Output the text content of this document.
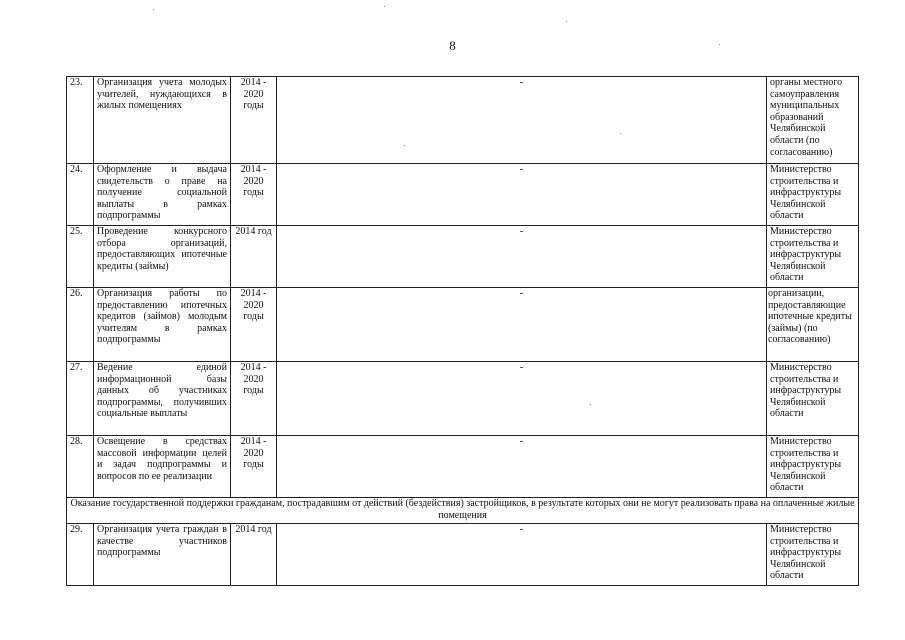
8
23.	Организация учета молодых учителей, нуждающихся в жилых помещениях	2014 - 2020 годы	-	органы местного самоуправления муниципальных образований Челябинской области (по согласованию)
24.	Оформление и выдача свидетельств о праве на получение социальной выплаты в рамках подпрограммы	2014 - 2020 годы	-	Министерство строительства и инфраструктуры Челябинской области
25.	Проведение конкурсного отбора организаций, предоставляющих ипотечные кредиты (займы)	2014 год	-	Министерство строительства и инфраструктуры Челябинской области
26.	Организация работы по предоставлению ипотечных кредитов (займов) молодым учителям в рамках подпрограммы	2014 - 2020 годы	-	организации, предоставляющие ипотечные кредиты (займы) (по согласованию)
27.	Ведение единой информационной базы данных об участниках подпрограммы, получивших социальные выплаты	2014 - 2020 годы	-	Министерство строительства и инфраструктуры Челябинской области
28.	Освещение в средствах массовой информации целей и задач подпрограммы и вопросов по ее реализации	2014 - 2020 годы	-	Министерство строительства и инфраструктуры Челябинской области
Оказание государственной поддержки гражданам, пострадавшим от действий (бездействия) застройщиков, в результате которых они не могут реализовать права на оплаченные жилые помещения				
29.	Организация учета граждан в качестве участников подпрограммы	2014 год	-	Министерство строительства и инфраструктуры Челябинской области
